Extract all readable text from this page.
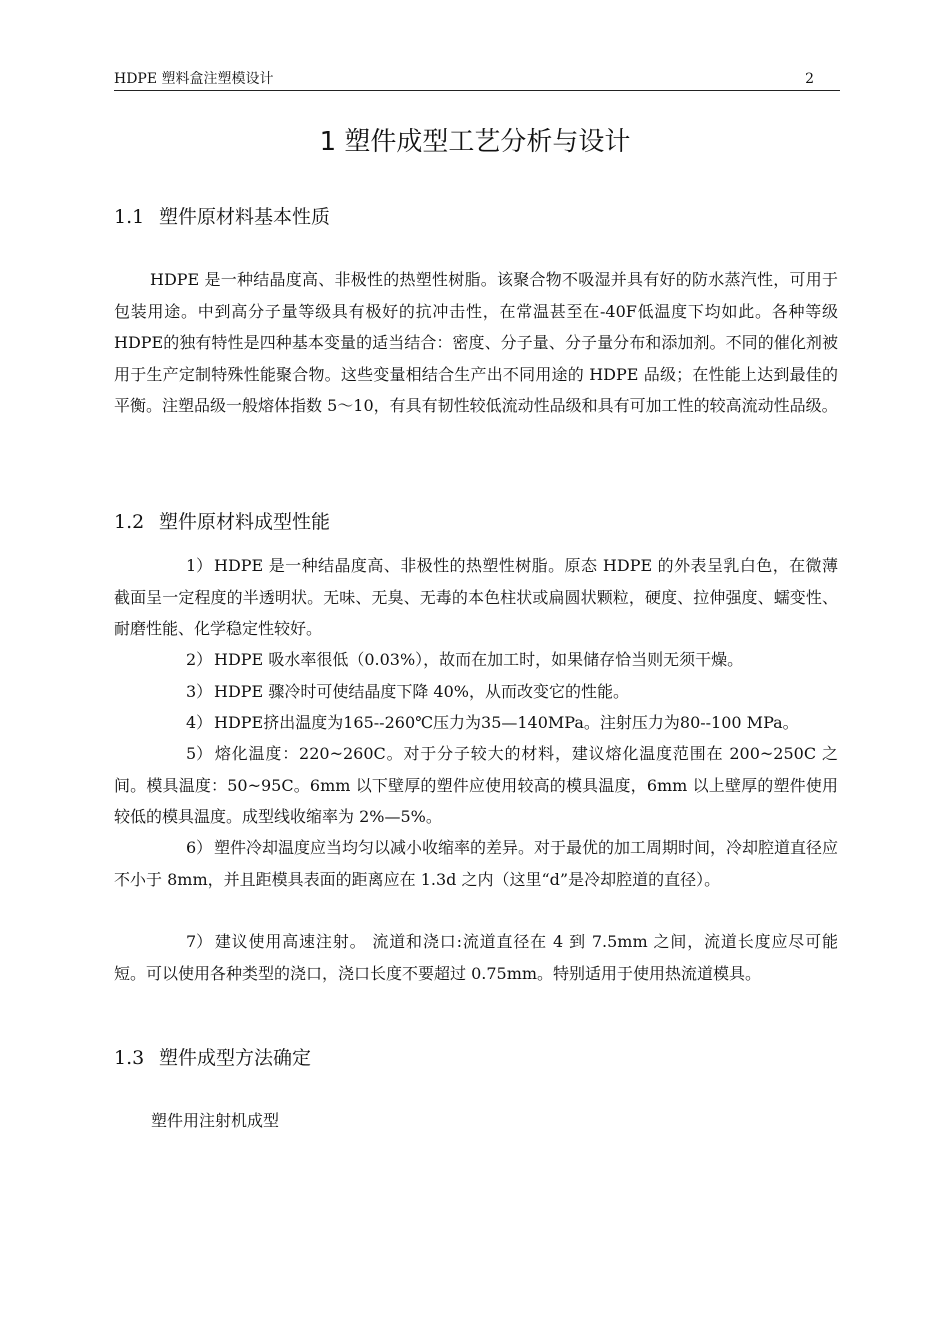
HDPE 塑料盒注塑模设计	2
1 塑件成型工艺分析与设计
1.1 塑件原材料基本性质

HDPE 是一种结晶度高、非极性的热塑性树脂。该聚合物不吸湿并具有好的防水蒸汽性，可用于包装用途。中到高分子量等级具有极好的抗冲击性，在常温甚至在-40F低温度下均如此。各种等级HDPE的独有特性是四种基本变量的适当结合：密度、分子量、分子量分布和添加剂。不同的催化剂被用于生产定制特殊性能聚合物。这些变量相结合生产出不同用途的 HDPE 品级；在性能上达到最佳的平衡。注塑品级一般熔体指数 5～10，有具有韧性较低流动性品级和具有可加工性的较高流动性品级。

1.2 塑件原材料成型性能

1） HDPE 是一种结晶度高、非极性的热塑性树脂。原态 HDPE 的外表呈乳白色，在微薄截面呈一定程度的半透明状。无味、无臭、无毒的本色柱状或扁圆状颗粒，硬度、拉伸强度、蠕变性、耐磨性能、化学稳定性较好。

2） HDPE 吸水率很低（0.03%），故而在加工时，如果储存恰当则无须干燥。

3） HDPE 骤冷时可使结晶度下降 40%，从而改变它的性能。

4） HDPE挤出温度为165--260℃压力为35—140MPa。注射压力为80--100 MPa。

5） 熔化温度：220~260C。对于分子较大的材料，建议熔化温度范围在 200~250C 之间。模具温度：50~95C。6mm 以下壁厚的塑件应使用较高的模具温度，6mm 以上壁厚的塑件使用较低的模具温度。成型线收缩率为 2%—5%。

6） 塑件冷却温度应当均匀以减小收缩率的差异。对于最优的加工周期时间，冷却腔道直径应不小于 8mm，并且距模具表面的距离应在 1.3d 之内（这里“d”是冷却腔道的直径）。

7） 建议使用高速注射。 流道和浇口:流道直径在 4 到 7.5mm 之间，流道长度应尽可能短。可以使用各种类型的浇口，浇口长度不要超过 0.75mm。特别适用于使用热流道模具。

1.3 塑件成型方法确定
塑件用注射机成型
